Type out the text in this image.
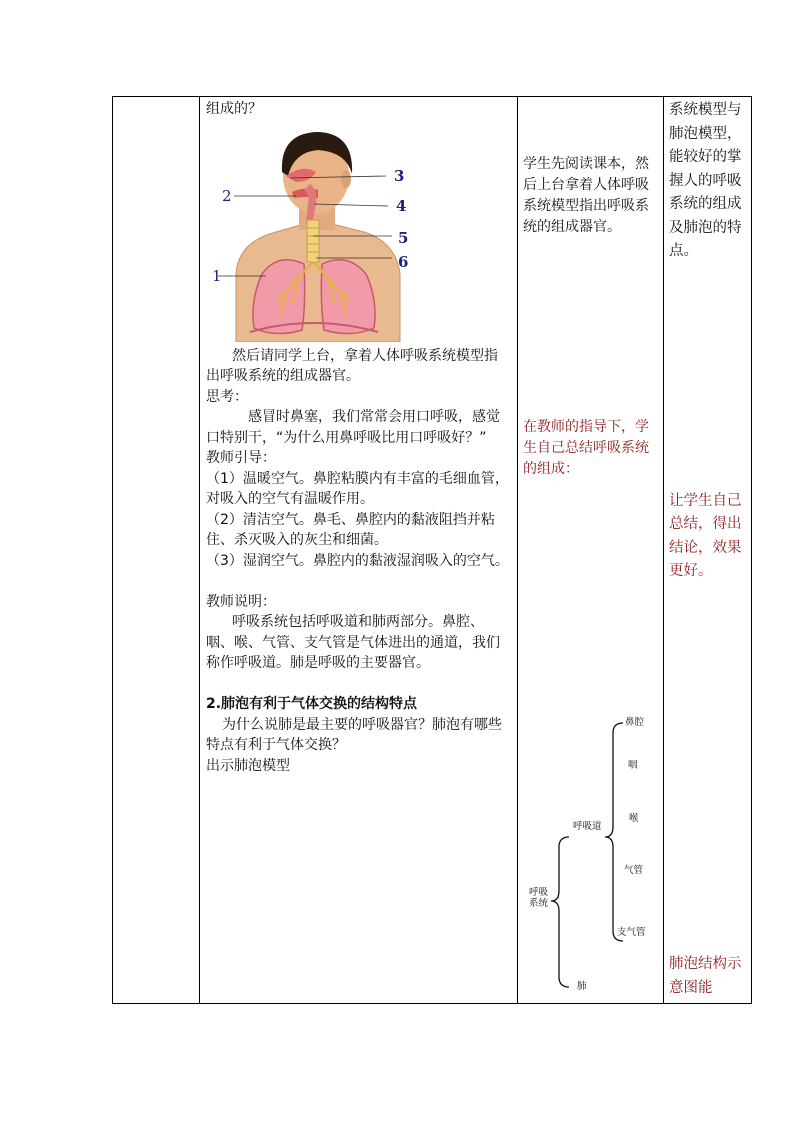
组成的？

1
2
3
4
5
6

然后请同学上台，拿着人体呼吸系统模型指出呼吸系统的组成器官。

思考：

感冒时鼻塞，我们常常会用口呼吸，感觉口特别干，“为什么用鼻呼吸比用口呼吸好？”

教师引导：

（1）温暖空气。鼻腔粘膜内有丰富的毛细血管，对吸入的空气有温暖作用。

（2）清洁空气。鼻毛、鼻腔内的黏液阻挡并粘住、杀灭吸入的灰尘和细菌。

（3）湿润空气。鼻腔内的黏液湿润吸入的空气。

教师说明：

呼吸系统包括呼吸道和肺两部分。鼻腔、咽、喉、气管、支气管是气体进出的通道，我们称作呼吸道。肺是呼吸的主要器官。

2.肺泡有利于气体交换的结构特点

为什么说肺是最主要的呼吸器官？肺泡有哪些特点有利于气体交换？

出示肺泡模型

学生先阅读课本，然后上台拿着人体呼吸系统模型指出呼吸系统的组成器官。

在教师的指导下，学生自己总结呼吸系统的组成：

呼吸系统
呼吸道
肺
鼻腔
咽
喉
气管
支气管

系统模型与肺泡模型，能较好的掌握人的呼吸系统的组成及肺泡的特点。

让学生自己总结，得出结论，效果更好。

肺泡结构示意图能
